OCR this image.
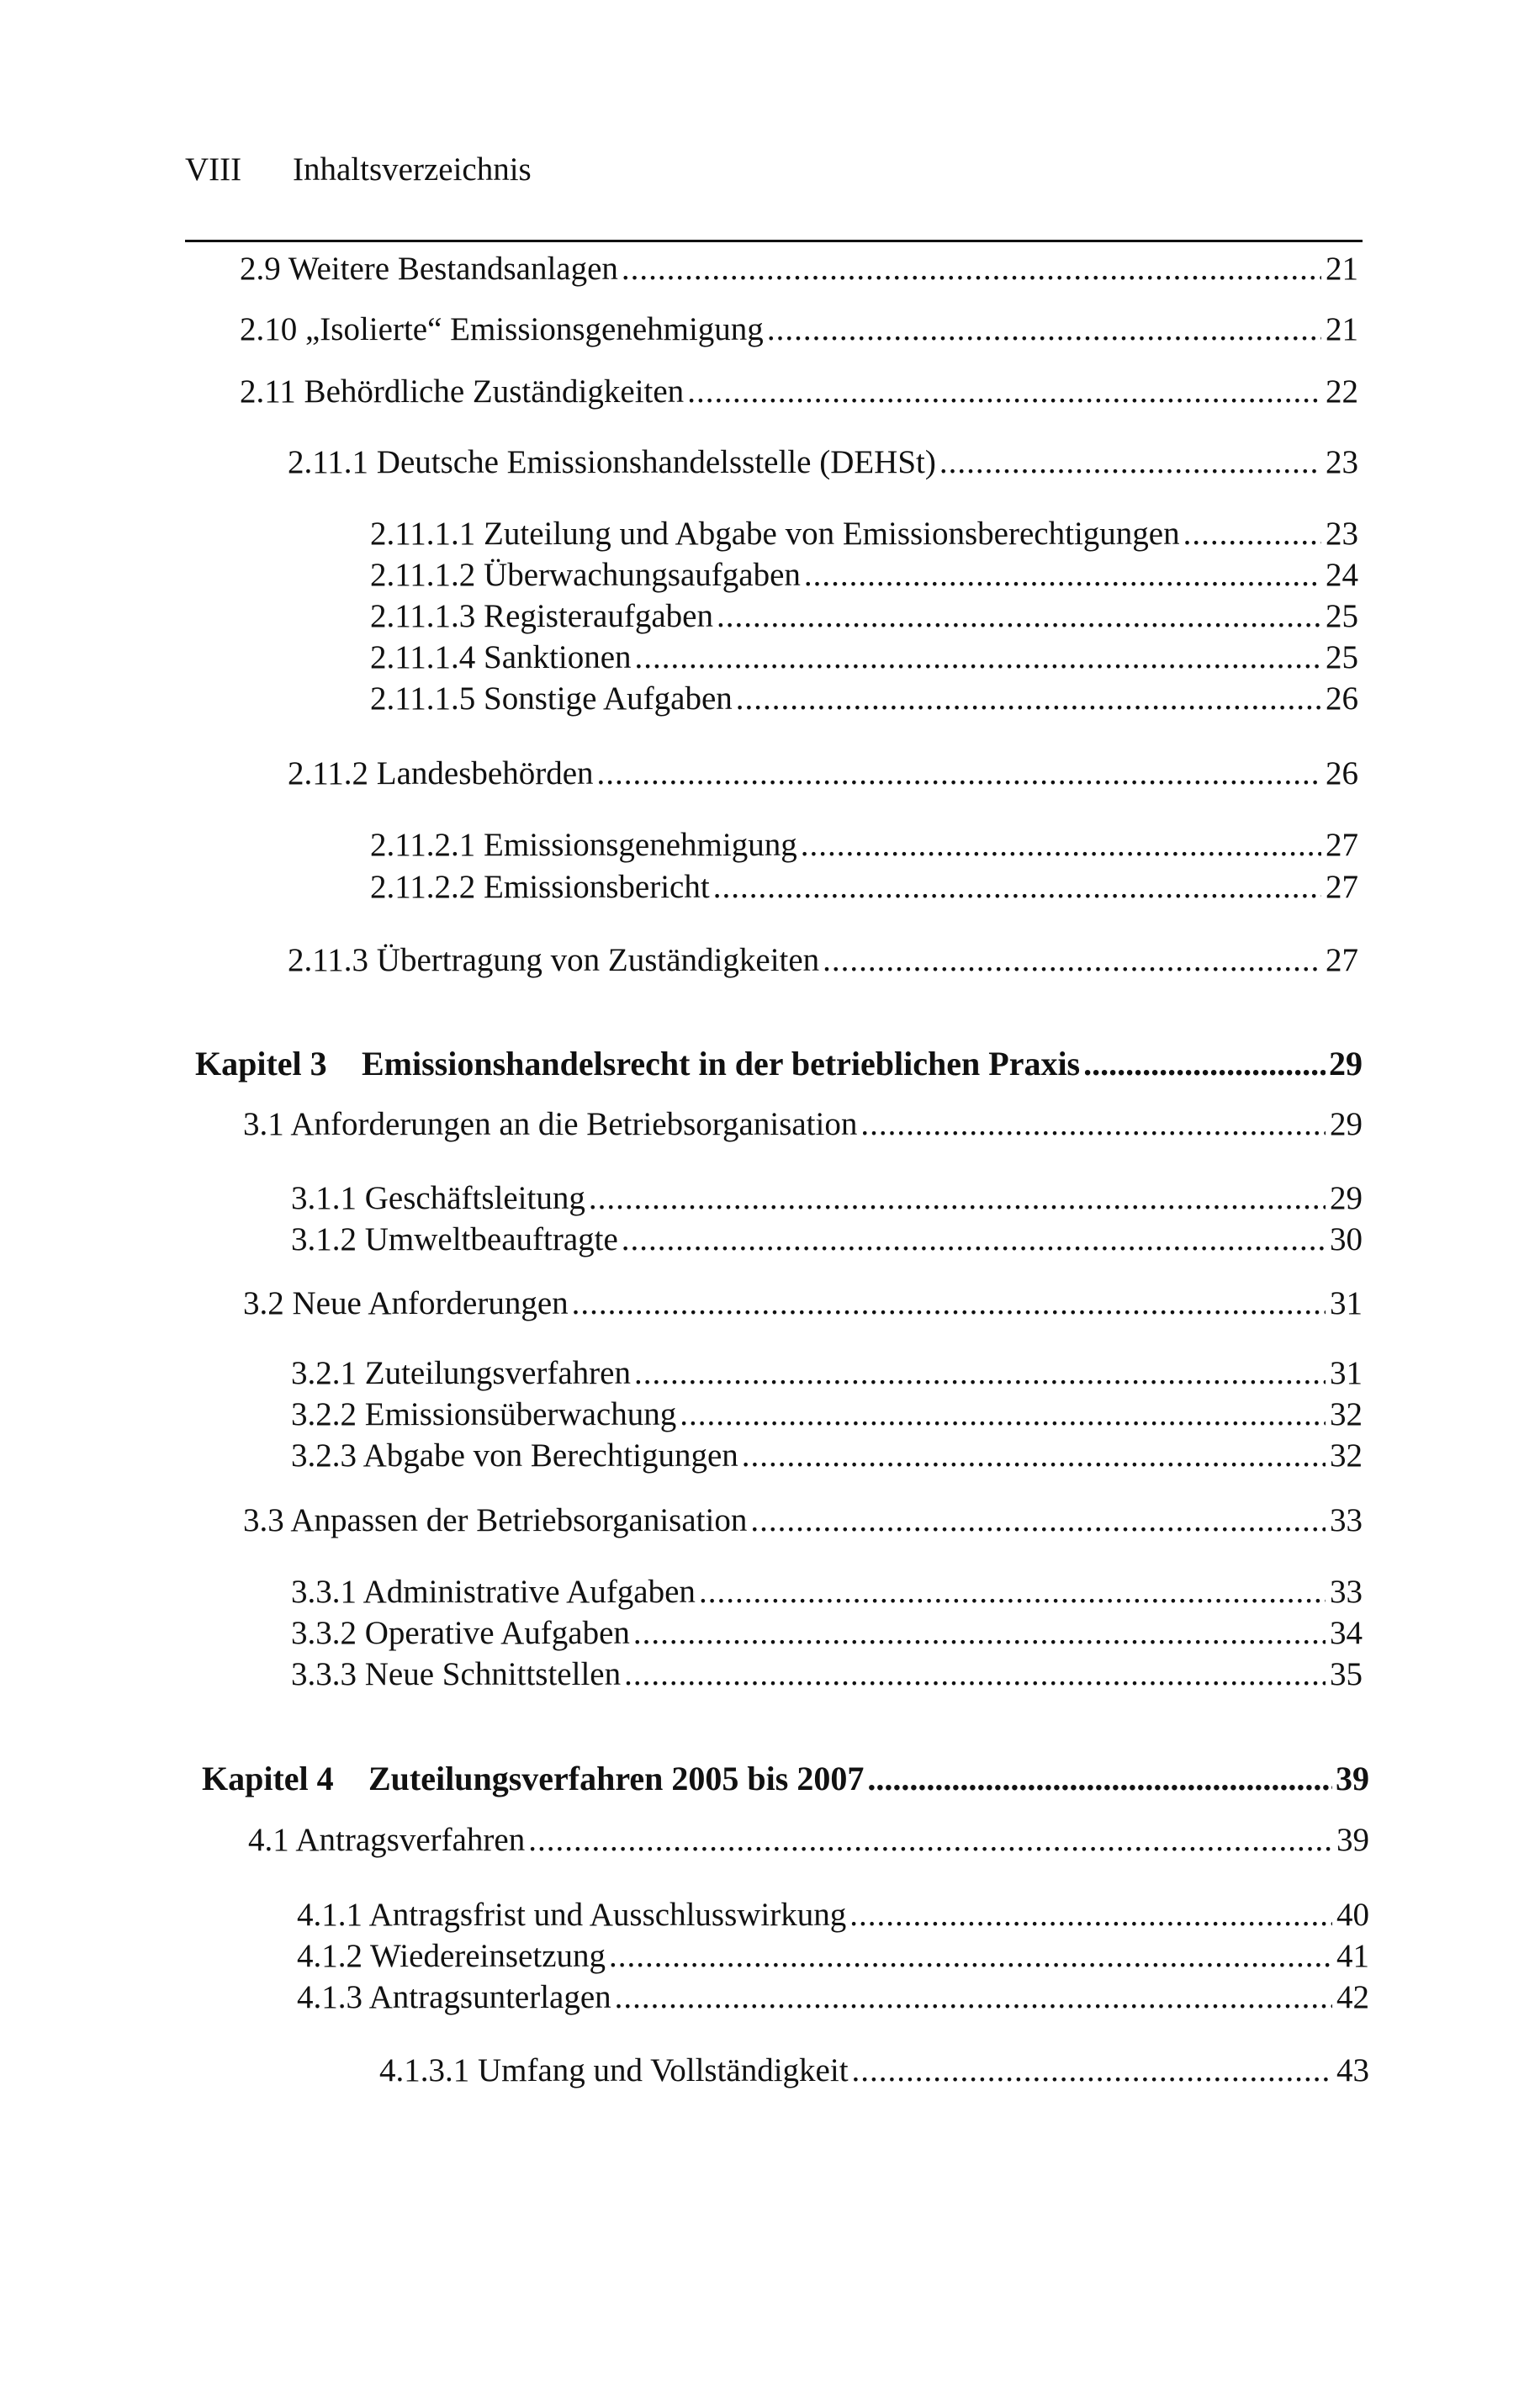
VIII	Inhaltsverzeichnis
2.9 Weitere Bestandsanlagen .....	21
2.10 „Isolierte“ Emissionsgenehmigung .....	21
2.11 Behördliche Zuständigkeiten .....	22
2.11.1 Deutsche Emissionshandelsstelle (DEHSt) .....	23
2.11.1.1 Zuteilung und Abgabe von Emissionsberechtigungen .....	23
2.11.1.2 Überwachungsaufgaben .....	24
2.11.1.3 Registeraufgaben .....	25
2.11.1.4 Sanktionen .....	25
2.11.1.5 Sonstige Aufgaben .....	26
2.11.2 Landesbehörden .....	26
2.11.2.1 Emissionsgenehmigung .....	27
2.11.2.2 Emissionsbericht .....	27
2.11.3 Übertragung von Zuständigkeiten .....	27
Kapitel 3 Emissionshandelsrecht in der betrieblichen Praxis .....	29
3.1 Anforderungen an die Betriebsorganisation .....	29
3.1.1 Geschäftsleitung .....	29
3.1.2 Umweltbeauftragte .....	30
3.2 Neue Anforderungen .....	31
3.2.1 Zuteilungsverfahren .....	31
3.2.2 Emissionsüberwachung .....	32
3.2.3 Abgabe von Berechtigungen .....	32
3.3 Anpassen der Betriebsorganisation .....	33
3.3.1 Administrative Aufgaben .....	33
3.3.2 Operative Aufgaben .....	34
3.3.3 Neue Schnittstellen .....	35
Kapitel 4 Zuteilungsverfahren 2005 bis 2007 .....	39
4.1 Antragsverfahren .....	39
4.1.1 Antragsfrist und Ausschlusswirkung .....	40
4.1.2 Wiedereinsetzung .....	41
4.1.3 Antragsunterlagen .....	42
4.1.3.1 Umfang und Vollständigkeit .....	43
